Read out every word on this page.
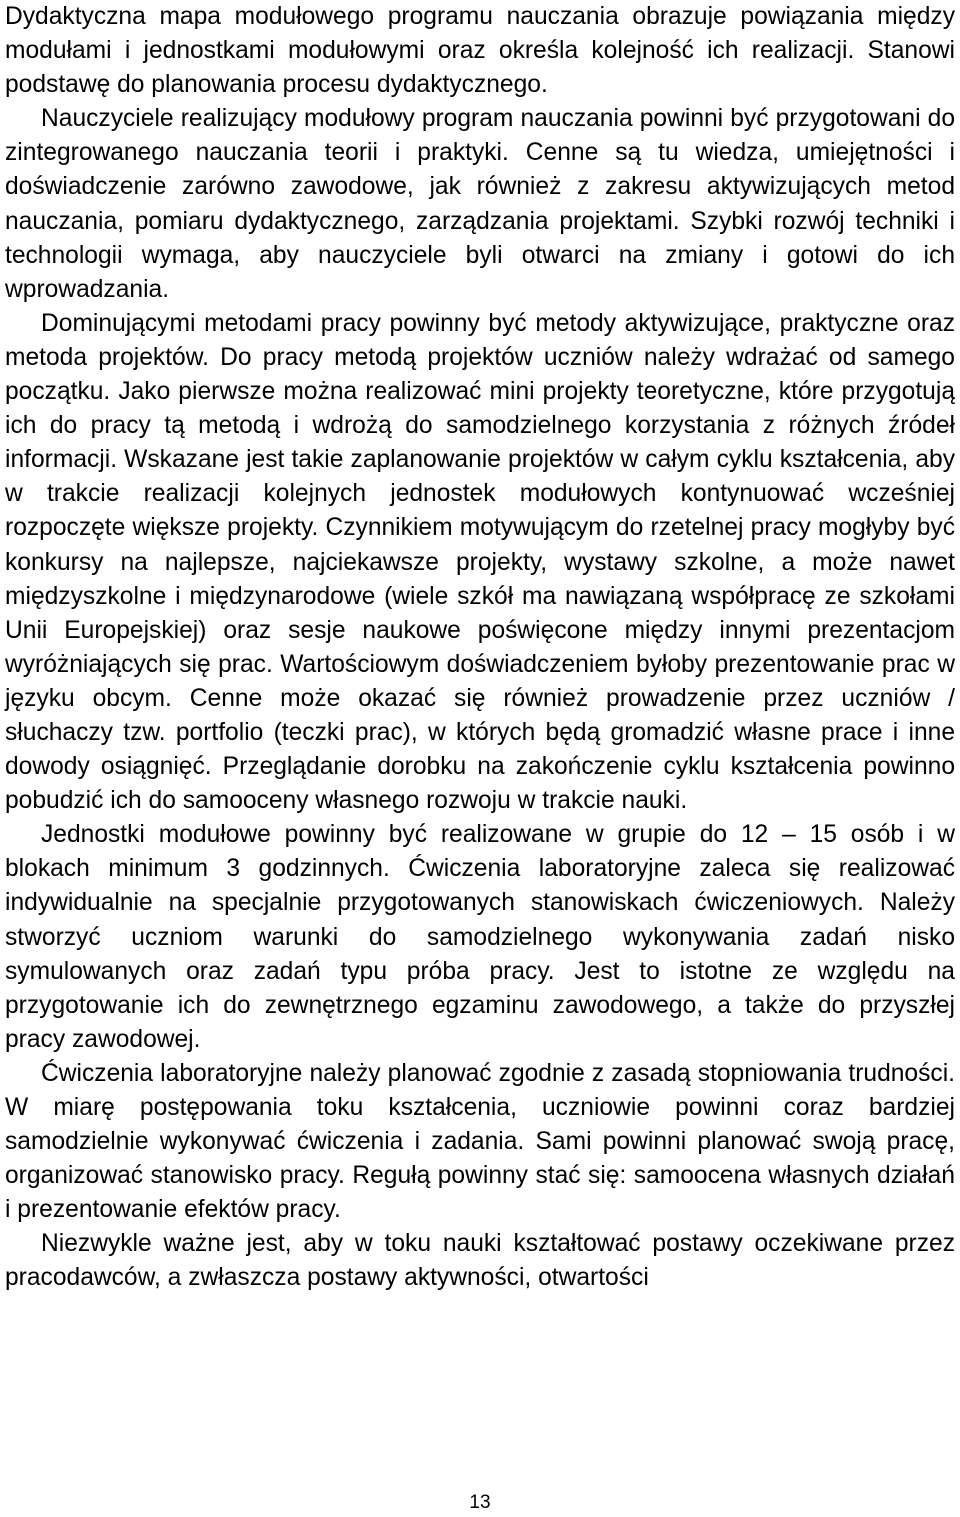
Dydaktyczna mapa modułowego programu nauczania obrazuje powiązania między modułami i jednostkami modułowymi oraz określa kolejność ich realizacji. Stanowi podstawę do planowania procesu dydaktycznego.

Nauczyciele realizujący modułowy program nauczania powinni być przygotowani do zintegrowanego nauczania teorii i praktyki. Cenne są tu wiedza, umiejętności i doświadczenie zarówno zawodowe, jak również z zakresu aktywizujących metod nauczania, pomiaru dydaktycznego, zarządzania projektami. Szybki rozwój techniki i technologii wymaga, aby nauczyciele byli otwarci na zmiany i gotowi do ich wprowadzania.

Dominującymi metodami pracy powinny być metody aktywizujące, praktyczne oraz metoda projektów. Do pracy metodą projektów uczniów należy wdrażać od samego początku. Jako pierwsze można realizować mini projekty teoretyczne, które przygotują ich do pracy tą metodą i wdrożą do samodzielnego korzystania z różnych źródeł informacji. Wskazane jest takie zaplanowanie projektów w całym cyklu kształcenia, aby w trakcie realizacji kolejnych jednostek modułowych kontynuować wcześniej rozpoczęte większe projekty. Czynnikiem motywującym do rzetelnej pracy mogłyby być konkursy na najlepsze, najciekawsze projekty, wystawy szkolne, a może nawet międzyszkolne i międzynarodowe (wiele szkół ma nawiązaną współpracę ze szkołami Unii Europejskiej) oraz sesje naukowe poświęcone między innymi prezentacjom wyróżniających się prac. Wartościowym doświadczeniem byłoby prezentowanie prac w języku obcym. Cenne może okazać się również prowadzenie przez uczniów / słuchaczy tzw. portfolio (teczki prac), w których będą gromadzić własne prace i inne dowody osiągnięć. Przeglądanie dorobku na zakończenie cyklu kształcenia powinno pobudzić ich do samooceny własnego rozwoju w trakcie nauki.

Jednostki modułowe powinny być realizowane w grupie do 12 – 15 osób i w blokach minimum 3 godzinnych. Ćwiczenia laboratoryjne zaleca się realizować indywidualnie na specjalnie przygotowanych stanowiskach ćwiczeniowych. Należy stworzyć uczniom warunki do samodzielnego wykonywania zadań nisko symulowanych oraz zadań typu próba pracy. Jest to istotne ze względu na przygotowanie ich do zewnętrznego egzaminu zawodowego, a także do przyszłej pracy zawodowej.

Ćwiczenia laboratoryjne należy planować zgodnie z zasadą stopniowania trudności. W miarę postępowania toku kształcenia, uczniowie powinni coraz bardziej samodzielnie wykonywać ćwiczenia i zadania. Sami powinni planować swoją pracę, organizować stanowisko pracy. Regułą powinny stać się: samoocena własnych działań i prezentowanie efektów pracy.

Niezwykle ważne jest, aby w toku nauki kształtować postawy oczekiwane przez pracodawców, a zwłaszcza postawy aktywności, otwartości

13
